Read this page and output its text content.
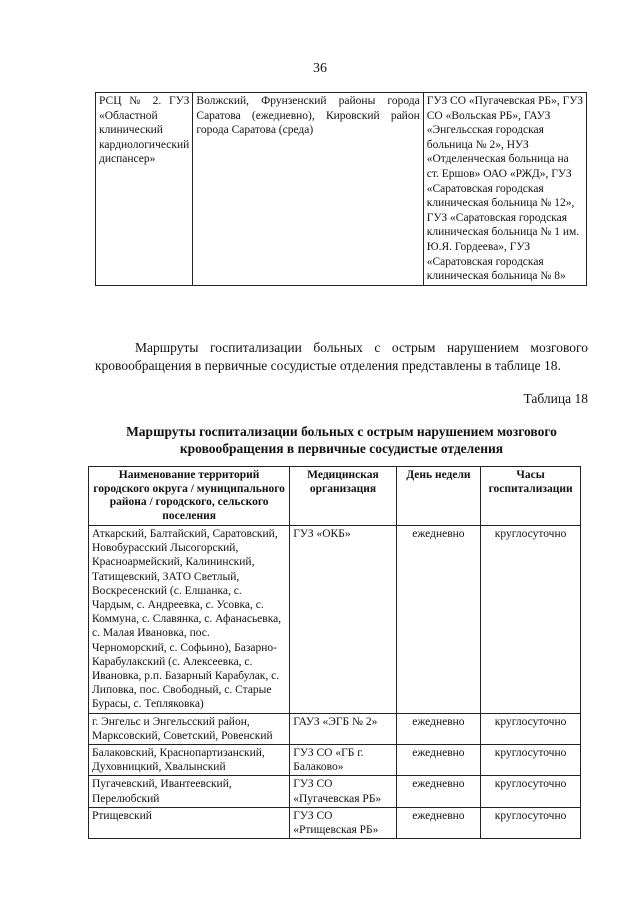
36
РСЦ № 2. ГУЗ «Областной клинический кардиологический диспансер»	Волжский, Фрунзенский районы города Саратова (ежедневно), Кировский район города Саратова (среда)	ГУЗ СО «Пугачевская РБ», ГУЗ СО «Вольская РБ», ГАУЗ «Энгельсская городская больница № 2», НУЗ «Отделенческая больница на ст. Ершов» ОАО «РЖД», ГУЗ «Саратовская городская клиническая больница № 12», ГУЗ «Саратовская городская клиническая больница № 1 им. Ю.Я. Гордеева», ГУЗ «Саратовская городская клиническая больница № 8»
Маршруты госпитализации больных с острым нарушением мозгового кровообращения в первичные сосудистые отделения представлены в таблице 18.
Таблица 18
Маршруты госпитализации больных с острым нарушением мозгового кровообращения в первичные сосудистые отделения
Наименование территорий городского округа / муниципального района / городского, сельского поселения	Медицинская организация	День недели	Часы госпитализации
Аткарский, Балтайский, Саратовский, Новобурасский Лысогорский, Красноармейский, Калининский, Татищевский, ЗАТО Светлый, Воскресенский (с. Елшанка, с. Чардым, с. Андреевка, с. Усовка, с. Коммуна, с. Славянка, с. Афанасьевка, с. Малая Ивановка, пос. Черноморский, с. Софьино), Базарно-Карабулакский (с. Алексеевка, с. Ивановка, р.п. Базарный Карабулак, с. Липовка, пос. Свободный, с. Старые Бурасы, с. Тепляковка)	ГУЗ «ОКБ»	ежедневно	круглосуточно
г. Энгельс и Энгельсский район, Марксовский, Советский, Ровенский	ГАУЗ «ЭГБ № 2»	ежедневно	круглосуточно
Балаковский, Краснопартизанский, Духовницкий, Хвалынский	ГУЗ СО «ГБ г. Балаково»	ежедневно	круглосуточно
Пугачевский, Ивантеевский, Перелюбский	ГУЗ СО «Пугачевская РБ»	ежедневно	круглосуточно
Ртищевский	ГУЗ СО «Ртищевская РБ»	ежедневно	круглосуточно
